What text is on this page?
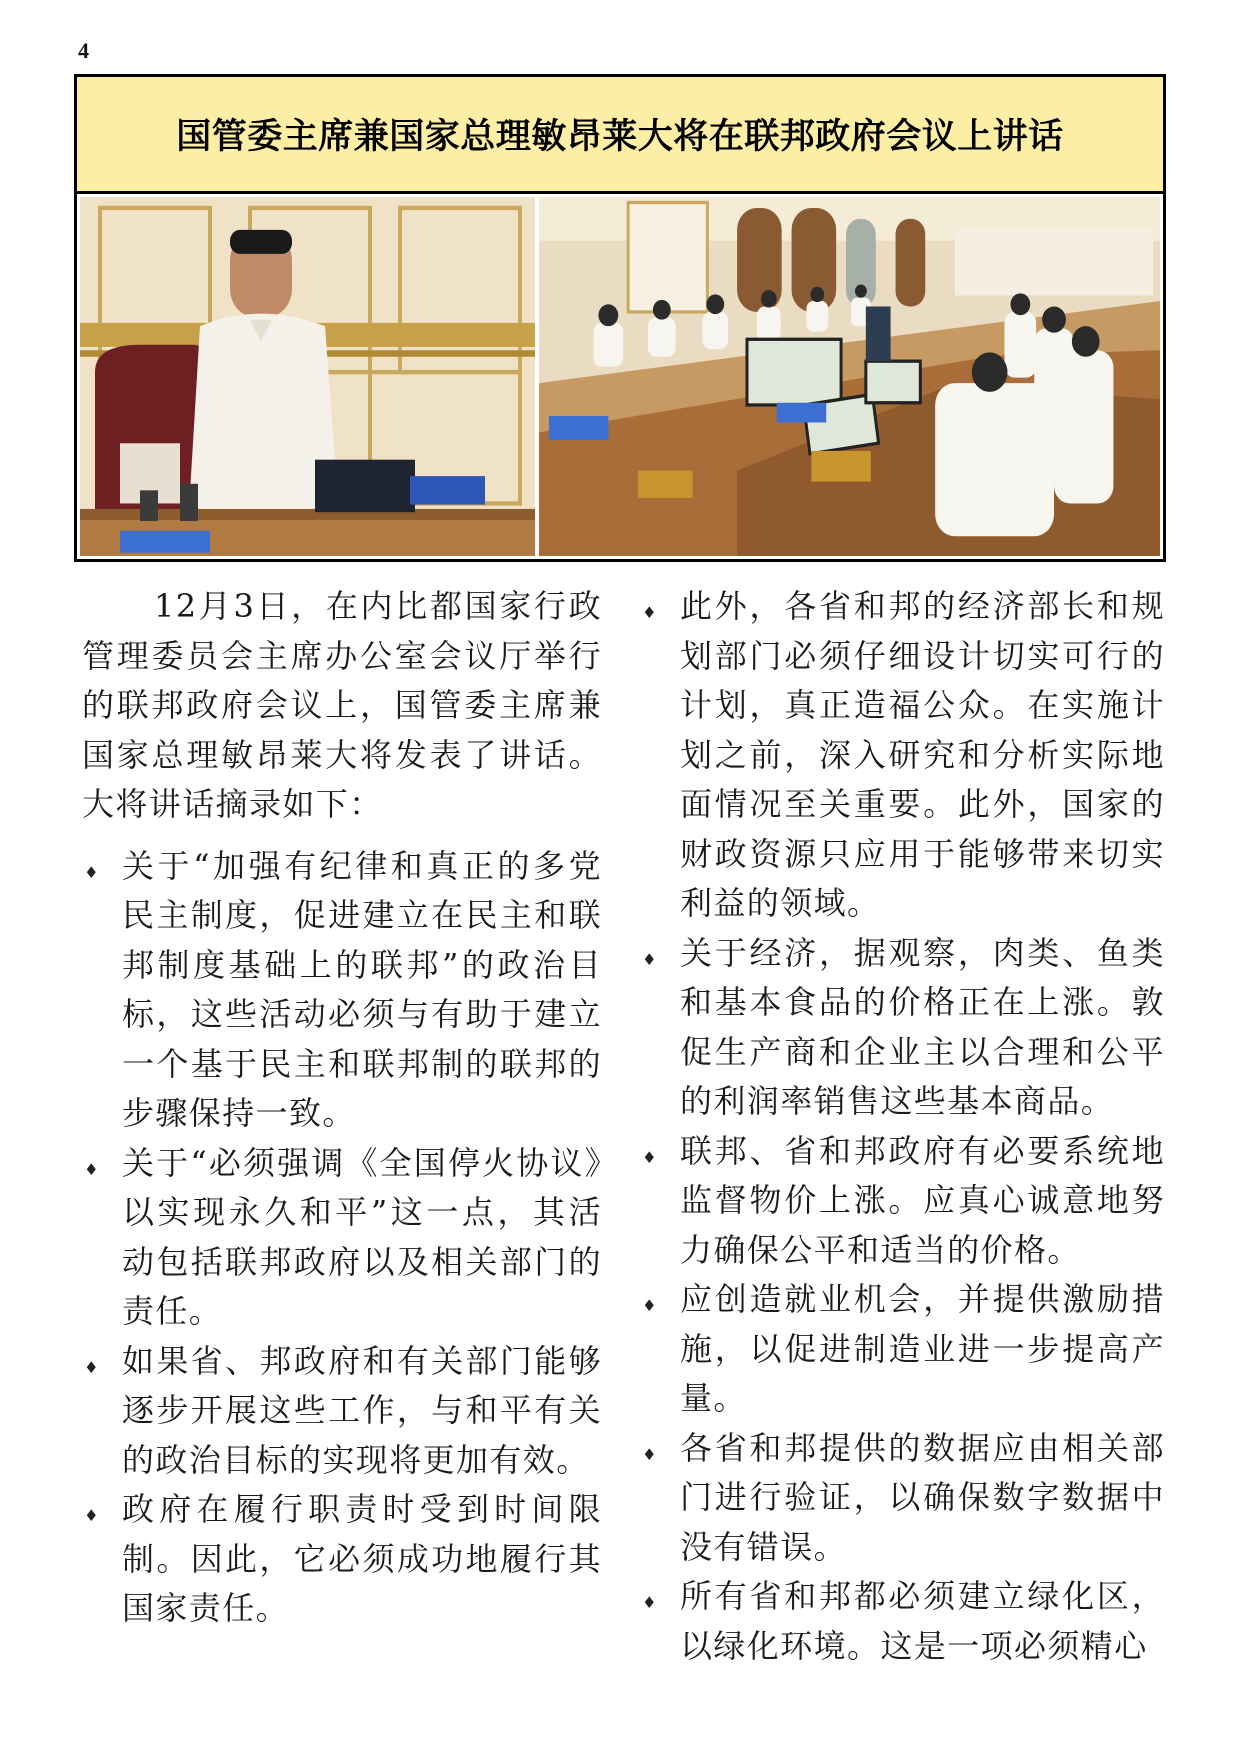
4
国管委主席兼国家总理敏昂莱大将在联邦政府会议上讲话

12月3日，在内比都国家行政管理委员会主席办公室会议厅举行的联邦政府会议上，国管委主席兼国家总理敏昂莱大将发表了讲话。大将讲话摘录如下：

♦ 关于“加强有纪律和真正的多党民主制度，促进建立在民主和联邦制度基础上的联邦”的政治目标，这些活动必须与有助于建立一个基于民主和联邦制的联邦的步骤保持一致。
♦ 关于“必须强调《全国停火协议》以实现永久和平”这一点，其活动包括联邦政府以及相关部门的责任。
♦ 如果省、邦政府和有关部门能够逐步开展这些工作，与和平有关的政治目标的实现将更加有效。
♦ 政府在履行职责时受到时间限制。因此，它必须成功地履行其国家责任。
♦ 此外，各省和邦的经济部长和规划部门必须仔细设计切实可行的计划，真正造福公众。在实施计划之前，深入研究和分析实际地面情况至关重要。此外，国家的财政资源只应用于能够带来切实利益的领域。
♦ 关于经济，据观察，肉类、鱼类和基本食品的价格正在上涨。敦促生产商和企业主以合理和公平的利润率销售这些基本商品。
♦ 联邦、省和邦政府有必要系统地监督物价上涨。应真心诚意地努力确保公平和适当的价格。
♦ 应创造就业机会，并提供激励措施，以促进制造业进一步提高产量。
♦ 各省和邦提供的数据应由相关部门进行验证，以确保数字数据中没有错误。
♦ 所有省和邦都必须建立绿化区，以绿化环境。这是一项必须精心
